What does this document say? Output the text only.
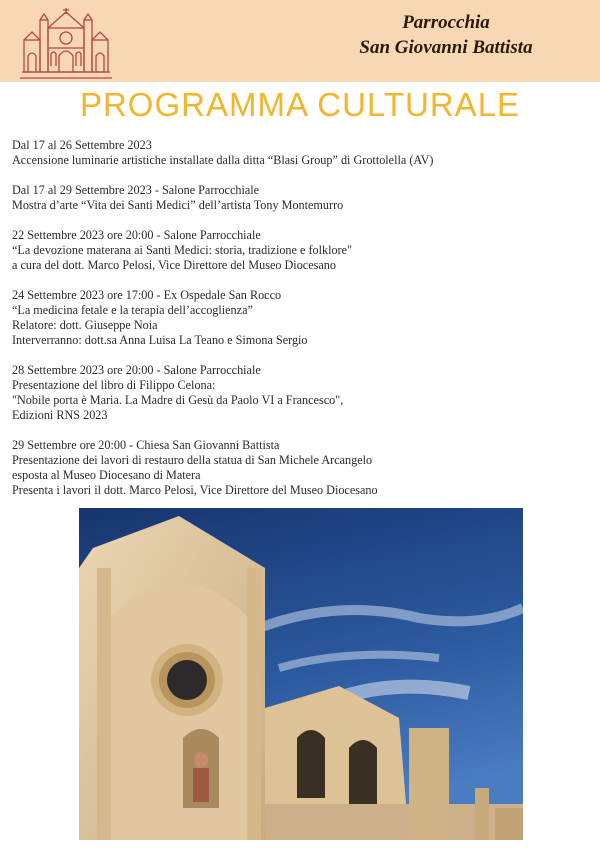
Parrocchia
San Giovanni Battista
PROGRAMMA CULTURALE
Dal 17 al 26 Settembre 2023
Accensione luminarie artistiche installate dalla ditta “Blasi Group” di Grottolella (AV)
Dal 17 al 29 Settembre 2023 - Salone Parrocchiale
Mostra d’arte “Vita dei Santi Medici” dell’artista Tony Montemurro
22 Settembre 2023 ore 20:00 - Salone Parrocchiale
“La devozione materana ai Santi Medici: storia, tradizione e folklore"
a cura del dott. Marco Pelosi, Vice Direttore del Museo Diocesano
24 Settembre 2023 ore 17:00 - Ex Ospedale San Rocco
“La medicina fetale e la terapia dell’accoglienza”
Relatore: dott. Giuseppe Noia
Interverranno: dott.sa Anna Luisa La Teano e Simona Sergio
28 Settembre 2023 ore 20:00 - Salone Parrocchiale
Presentazione del libro di Filippo Celona:
"Nobile porta è Maria. La Madre di Gesù da Paolo VI a Francesco",
Edizioni RNS 2023
29 Settembre ore 20:00 - Chiesa San Giovanni Battista
Presentazione dei lavori di restauro della statua di San Michele Arcangelo
esposta al Museo Diocesano di Matera
Presenta i lavori il dott. Marco Pelosi, Vice Direttore del Museo Diocesano
